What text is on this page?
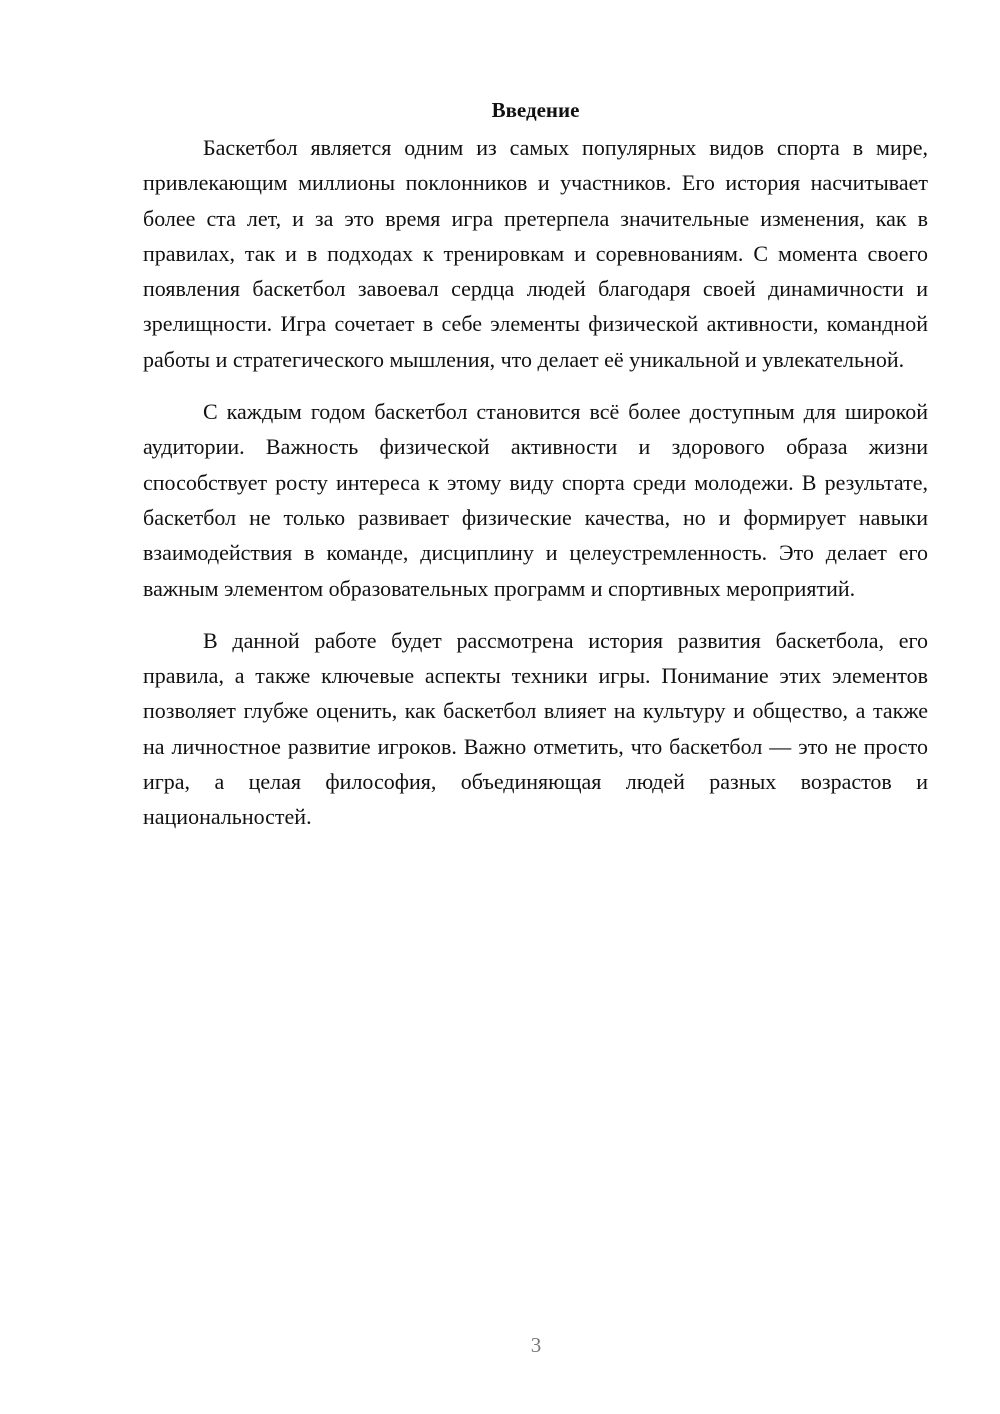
Введение

Баскетбол является одним из самых популярных видов спорта в мире, привлекающим миллионы поклонников и участников. Его история насчитывает более ста лет, и за это время игра претерпела значительные изменения, как в правилах, так и в подходах к тренировкам и соревнованиям. С момента своего появления баскетбол завоевал сердца людей благодаря своей динамичности и зрелищности. Игра сочетает в себе элементы физической активности, командной работы и стратегического мышления, что делает её уникальной и увлекательной.

С каждым годом баскетбол становится всё более доступным для широкой аудитории. Важность физической активности и здорового образа жизни способствует росту интереса к этому виду спорта среди молодежи. В результате, баскетбол не только развивает физические качества, но и формирует навыки взаимодействия в команде, дисциплину и целеустремленность. Это делает его важным элементом образовательных программ и спортивных мероприятий.

В данной работе будет рассмотрена история развития баскетбола, его правила, а также ключевые аспекты техники игры. Понимание этих элементов позволяет глубже оценить, как баскетбол влияет на культуру и общество, а также на личностное развитие игроков. Важно отметить, что баскетбол — это не просто игра, а целая философия, объединяющая людей разных возрастов и национальностей.

3
